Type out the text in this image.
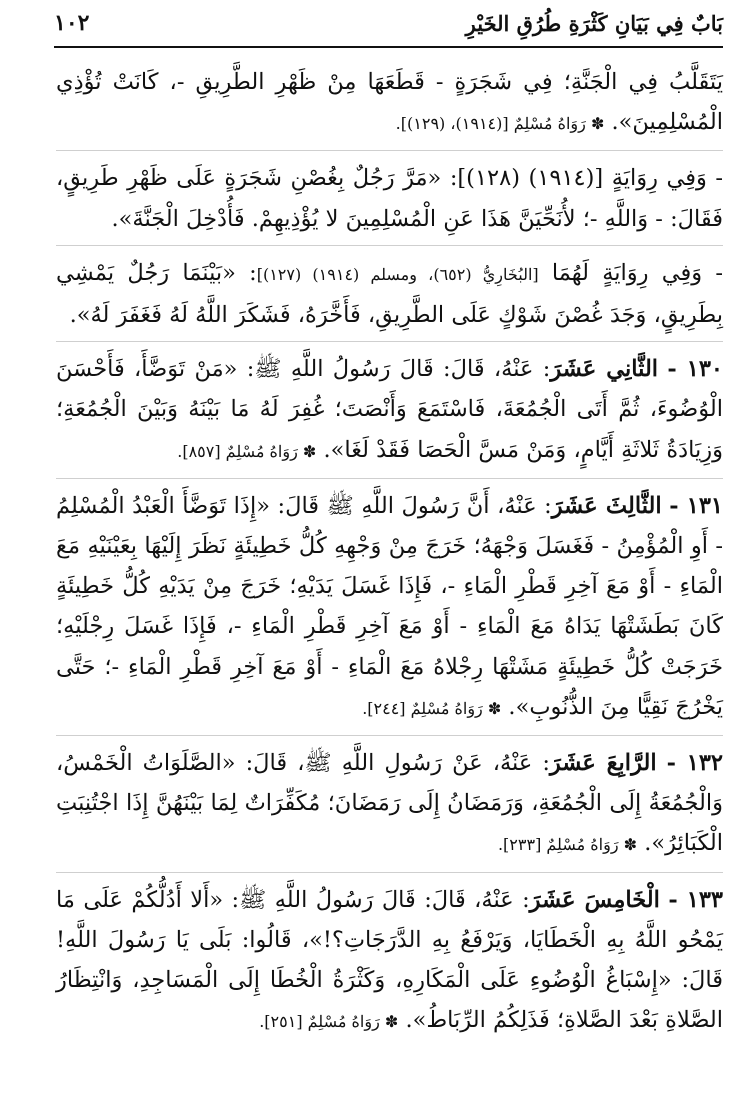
بَابٌ فِي بَيَانِ كَثْرَةِ طُرُقِ الخَيْرِ
١٠٢

يَتَقَلَّبُ فِي الْجَنَّةِ؛ فِي شَجَرَةٍ - قَطَعَهَا مِنْ ظَهْرِ الطَّرِيقِ -، كَانَتْ تُؤْذِي الْمُسْلِمِينَ». ✽ رَوَاهُ مُسْلِمٌ [(١٩١٤)، (١٢٩)].

- وَفِي رِوَايَةٍ [(١٩١٤) (١٢٨)]: «مَرَّ رَجُلٌ بِغُصْنِ شَجَرَةٍ عَلَى ظَهْرِ طَرِيقٍ، فَقَالَ: - وَاللَّهِ -؛ لأُنَحِّيَنَّ هَذَا عَنِ الْمُسْلِمِينَ لا يُؤْذِيهِمْ. فَأُدْخِلَ الْجَنَّةَ».

- وَفِي رِوَايَةٍ لَهُمَا [البُخَارِيُّ (٦٥٢)، ومسلم (١٩١٤) (١٢٧)]: «بَيْنَمَا رَجُلٌ يَمْشِي بِطَرِيقٍ، وَجَدَ غُصْنَ شَوْكٍ عَلَى الطَّرِيقِ، فَأَخَّرَهُ، فَشَكَرَ اللَّهُ لَهُ فَغَفَرَ لَهُ».

١٣٠ - الثَّانِي عَشَرَ: عَنْهُ، قَالَ: قَالَ رَسُولُ اللَّهِ ﷺ: «مَنْ تَوَضَّأَ، فَأَحْسَنَ الْوُضُوءَ، ثُمَّ أَتَى الْجُمُعَةَ، فَاسْتَمَعَ وَأَنْصَتَ؛ غُفِرَ لَهُ مَا بَيْنَهُ وَبَيْنَ الْجُمُعَةِ؛ وَزِيَادَةُ ثَلاثَةِ أَيَّامٍ، وَمَنْ مَسَّ الْحَصَا فَقَدْ لَغَا». ✽ رَوَاهُ مُسْلِمٌ [٨٥٧].

١٣١ - الثَّالِثَ عَشَرَ: عَنْهُ، أَنَّ رَسُولَ اللَّهِ ﷺ قَالَ: «إِذَا تَوَضَّأَ الْعَبْدُ الْمُسْلِمُ - أَوِ الْمُؤْمِنُ - فَغَسَلَ وَجْهَهُ؛ خَرَجَ مِنْ وَجْهِهِ كُلُّ خَطِيئَةٍ نَظَرَ إِلَيْهَا بِعَيْنَيْهِ مَعَ الْمَاءِ - أَوْ مَعَ آخِرِ قَطْرِ الْمَاءِ -، فَإِذَا غَسَلَ يَدَيْهِ؛ خَرَجَ مِنْ يَدَيْهِ كُلُّ خَطِيئَةٍ كَانَ بَطَشَتْهَا يَدَاهُ مَعَ الْمَاءِ - أَوْ مَعَ آخِرِ قَطْرِ الْمَاءِ -، فَإِذَا غَسَلَ رِجْلَيْهِ؛ خَرَجَتْ كُلُّ خَطِيئَةٍ مَشَتْهَا رِجْلاهُ مَعَ الْمَاءِ - أَوْ مَعَ آخِرِ قَطْرِ الْمَاءِ -؛ حَتَّى يَخْرُجَ نَقِيًّا مِنَ الذُّنُوبِ». ✽ رَوَاهُ مُسْلِمٌ [٢٤٤].

١٣٢ - الرَّابِعَ عَشَرَ: عَنْهُ، عَنْ رَسُولِ اللَّهِ ﷺ، قَالَ: «الصَّلَوَاتُ الْخَمْسُ، وَالْجُمُعَةُ إِلَى الْجُمُعَةِ، وَرَمَضَانُ إِلَى رَمَضَانَ؛ مُكَفِّرَاتٌ لِمَا بَيْنَهُنَّ إِذَا اجْتُنِبَتِ الْكَبَائِرُ». ✽ رَوَاهُ مُسْلِمٌ [٢٣٣].

١٣٣ - الْخَامِسَ عَشَرَ: عَنْهُ، قَالَ: قَالَ رَسُولُ اللَّهِ ﷺ: «أَلا أَدُلُّكُمْ عَلَى مَا يَمْحُو اللَّهُ بِهِ الْخَطَايَا، وَيَرْفَعُ بِهِ الدَّرَجَاتِ؟!»، قَالُوا: بَلَى يَا رَسُولَ اللَّهِ! قَالَ: «إِسْبَاغُ الْوُضُوءِ عَلَى الْمَكَارِهِ، وَكَثْرَةُ الْخُطَا إِلَى الْمَسَاجِدِ، وَانْتِظَارُ الصَّلاةِ بَعْدَ الصَّلاةِ؛ فَذَلِكُمُ الرِّبَاطُ». ✽ رَوَاهُ مُسْلِمٌ [٢٥١].
